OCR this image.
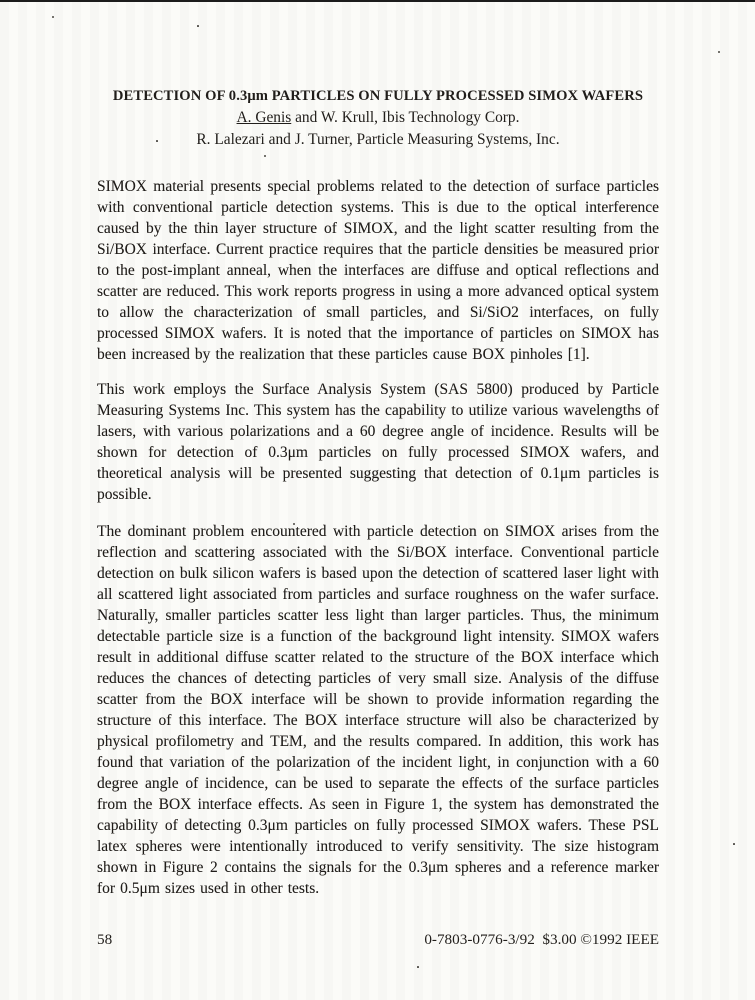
DETECTION OF 0.3μm PARTICLES ON FULLY PROCESSED SIMOX WAFERS

A. Genis and W. Krull, Ibis Technology Corp.

R. Lalezari and J. Turner, Particle Measuring Systems, Inc.

SIMOX material presents special problems related to the detection of surface particles with conventional particle detection systems. This is due to the optical interference caused by the thin layer structure of SIMOX, and the light scatter resulting from the Si/BOX interface. Current practice requires that the particle densities be measured prior to the post-implant anneal, when the interfaces are diffuse and optical reflections and scatter are reduced. This work reports progress in using a more advanced optical system to allow the characterization of small particles, and Si/SiO2 interfaces, on fully processed SIMOX wafers. It is noted that the importance of particles on SIMOX has been increased by the realization that these particles cause BOX pinholes [1].

This work employs the Surface Analysis System (SAS 5800) produced by Particle Measuring Systems Inc. This system has the capability to utilize various wavelengths of lasers, with various polarizations and a 60 degree angle of incidence. Results will be shown for detection of 0.3μm particles on fully processed SIMOX wafers, and theoretical analysis will be presented suggesting that detection of 0.1μm particles is possible.

The dominant problem encountered with particle detection on SIMOX arises from the reflection and scattering associated with the Si/BOX interface. Conventional particle detection on bulk silicon wafers is based upon the detection of scattered laser light with all scattered light associated from particles and surface roughness on the wafer surface. Naturally, smaller particles scatter less light than larger particles. Thus, the minimum detectable particle size is a function of the background light intensity. SIMOX wafers result in additional diffuse scatter related to the structure of the BOX interface which reduces the chances of detecting particles of very small size. Analysis of the diffuse scatter from the BOX interface will be shown to provide information regarding the structure of this interface. The BOX interface structure will also be characterized by physical profilometry and TEM, and the results compared. In addition, this work has found that variation of the polarization of the incident light, in conjunction with a 60 degree angle of incidence, can be used to separate the effects of the surface particles from the BOX interface effects. As seen in Figure 1, the system has demonstrated the capability of detecting 0.3μm particles on fully processed SIMOX wafers. These PSL latex spheres were intentionally introduced to verify sensitivity. The size histogram shown in Figure 2 contains the signals for the 0.3μm spheres and a reference marker for 0.5μm sizes used in other tests.

58	0-7803-0776-3/92  $3.00 ©1992 IEEE
